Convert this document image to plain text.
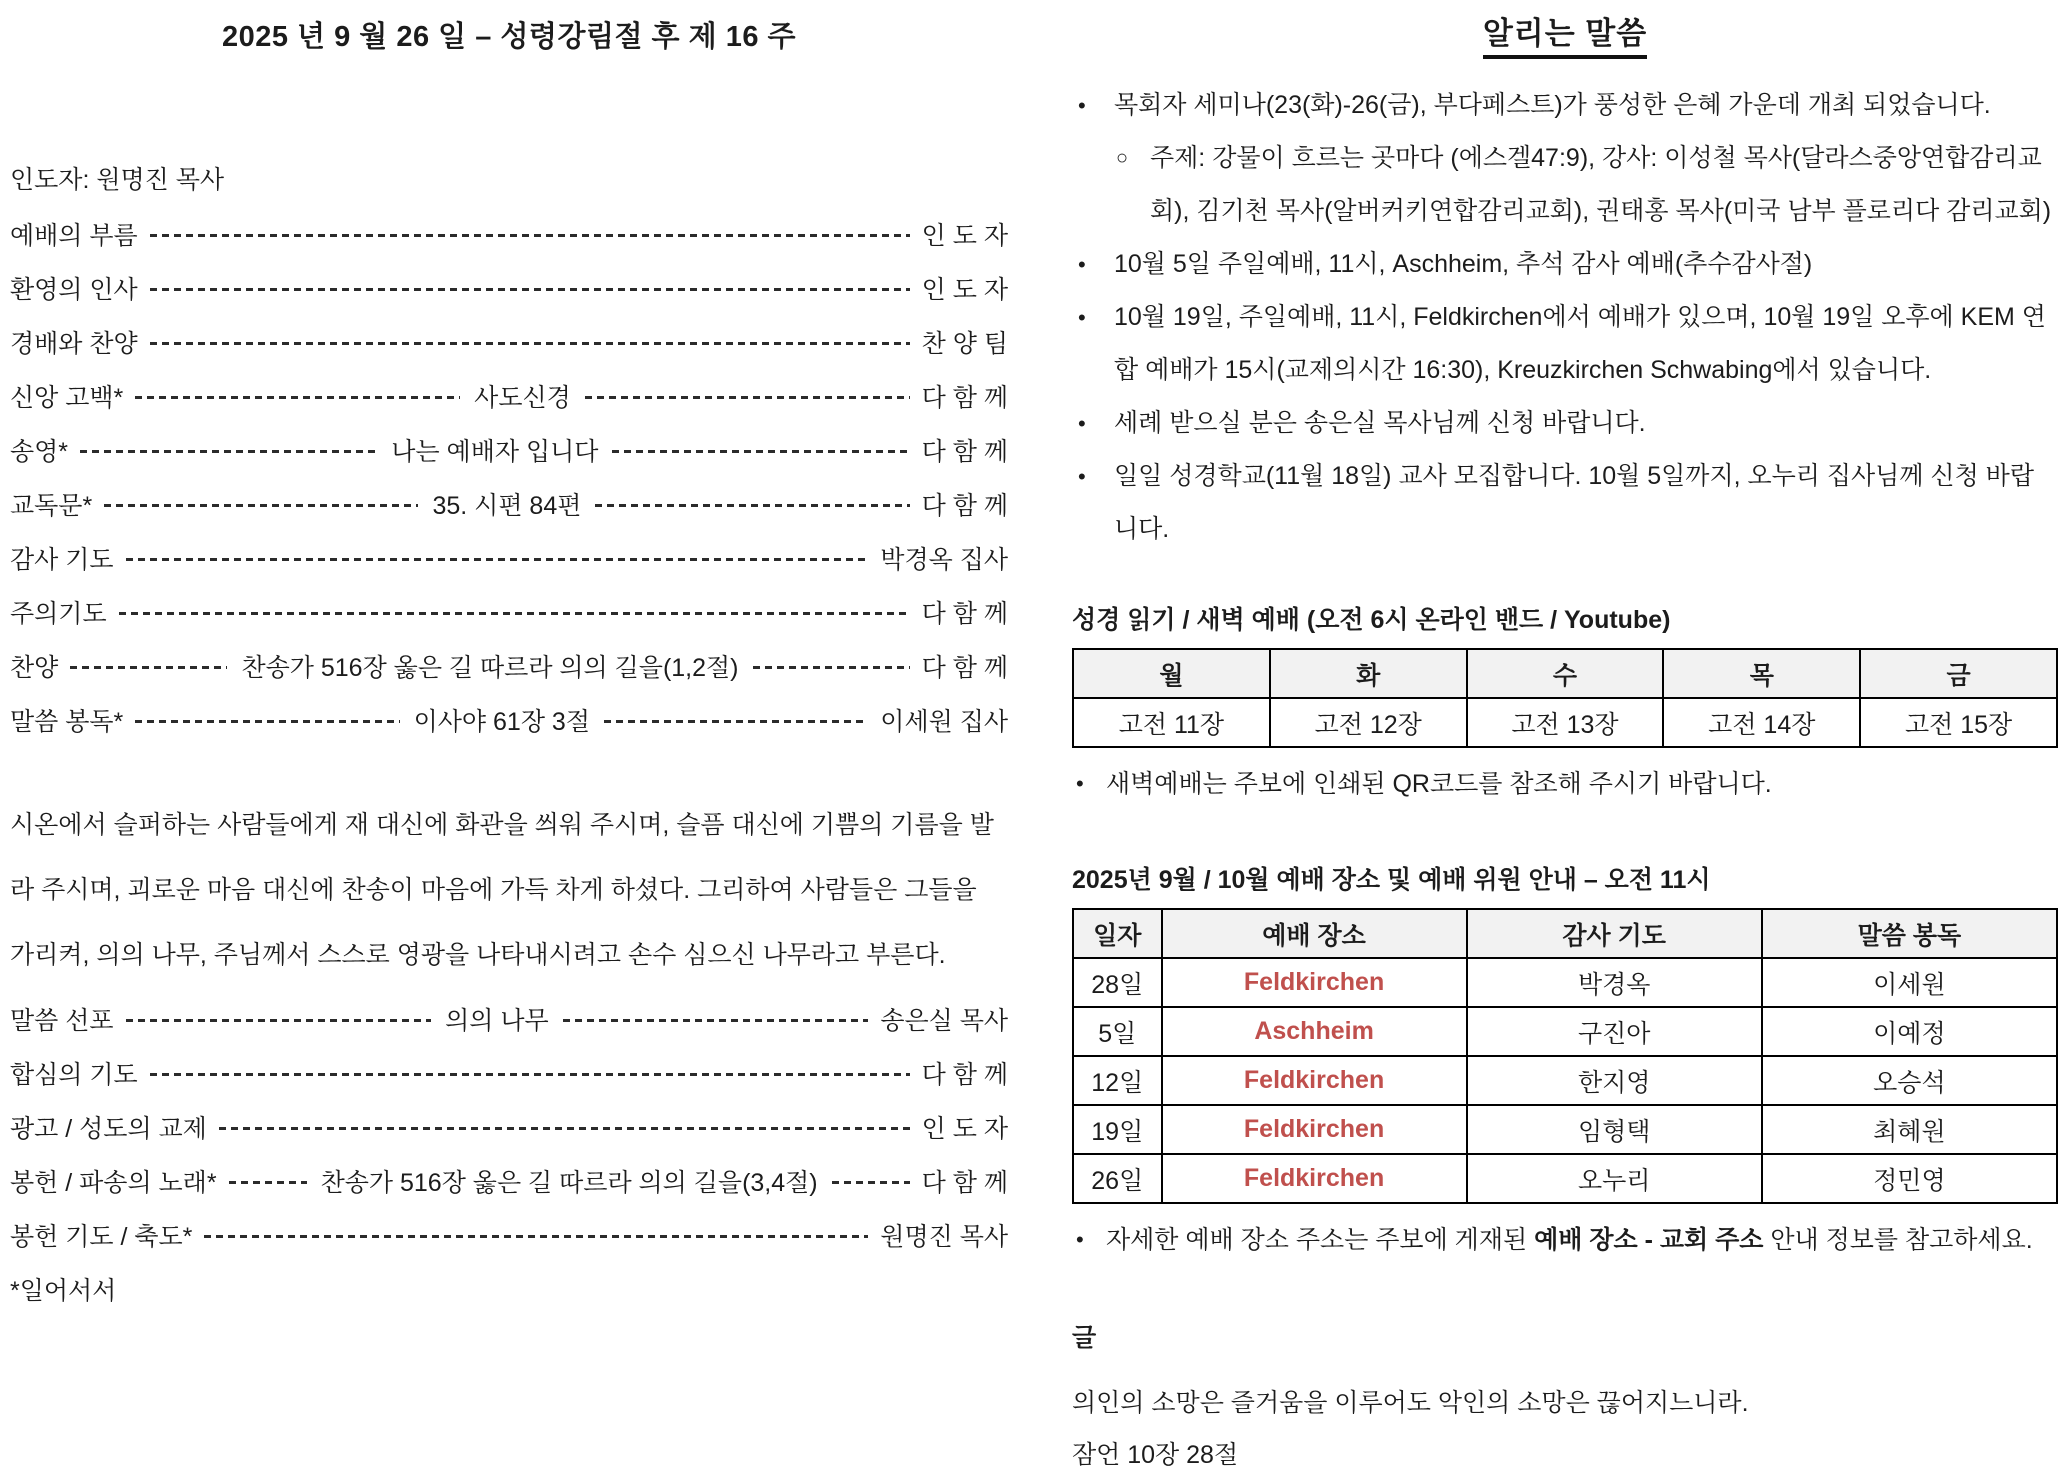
2025 년 9 월 26 일 – 성령강림절 후 제 16 주
인도자: 원명진 목사
예배의 부름	인 도 자
환영의 인사	인 도 자
경배와 찬양	찬 양 팀
신앙 고백*	사도신경	다 함 께
송영*	나는 예배자 입니다	다 함 께
교독문*	35. 시편 84편	다 함 께
감사 기도	박경옥 집사
주의기도	다 함 께
찬양	찬송가 516장 옳은 길 따르라 의의 길을(1,2절)	다 함 께
말씀 봉독*	이사야 61장 3절	이세원 집사
시온에서 슬퍼하는 사람들에게 재 대신에 화관을 씌워 주시며, 슬픔 대신에 기쁨의 기름을 발라 주시며, 괴로운 마음 대신에 찬송이 마음에 가득 차게 하셨다. 그리하여 사람들은 그들을 가리켜, 의의 나무, 주님께서 스스로 영광을 나타내시려고 손수 심으신 나무라고 부른다.
말씀 선포	의의 나무	송은실 목사
합심의 기도	다 함 께
광고 / 성도의 교제	인 도 자
봉헌 / 파송의 노래*	찬송가 516장 옳은 길 따르라 의의 길을(3,4절)	다 함 께
봉헌 기도 / 축도*	원명진 목사
*일어서서
알리는 말씀
•	목회자 세미나(23(화)-26(금), 부다페스트)가 풍성한 은혜 가운데 개최 되었습니다.
○ 주제: 강물이 흐르는 곳마다 (에스겔47:9), 강사: 이성철 목사(달라스중앙연합감리교회), 김기천 목사(알버커키연합감리교회), 권태홍 목사(미국 남부 플로리다 감리교회)
•	10월 5일 주일예배, 11시, Aschheim, 추석 감사 예배(추수감사절)
•	10월 19일, 주일예배, 11시, Feldkirchen에서 예배가 있으며, 10월 19일 오후에 KEM 연합 예배가 15시(교제의시간 16:30), Kreuzkirchen Schwabing에서 있습니다.
•	세례 받으실 분은 송은실 목사님께 신청 바랍니다.
•	일일 성경학교(11월 18일) 교사 모집합니다. 10월 5일까지, 오누리 집사님께 신청 바랍니다.
성경 읽기 / 새벽 예배 (오전 6시 온라인 밴드 / Youtube)
월	화	수	목	금
고전 11장	고전 12장	고전 13장	고전 14장	고전 15장
• 새벽예배는 주보에 인쇄된 QR코드를 참조해 주시기 바랍니다.
2025년 9월 / 10월 예배 장소 및 예배 위원 안내 – 오전 11시
일자	예배 장소	감사 기도	말씀 봉독
28일	Feldkirchen	박경옥	이세원
5일	Aschheim	구진아	이예정
12일	Feldkirchen	한지영	오승석
19일	Feldkirchen	임형택	최혜원
26일	Feldkirchen	오누리	정민영
• 자세한 예배 장소 주소는 주보에 게재된 예배 장소 - 교회 주소 안내 정보를 참고하세요.
글
의인의 소망은 즐거움을 이루어도 악인의 소망은 끊어지느니라.
잠언 10장 28절
